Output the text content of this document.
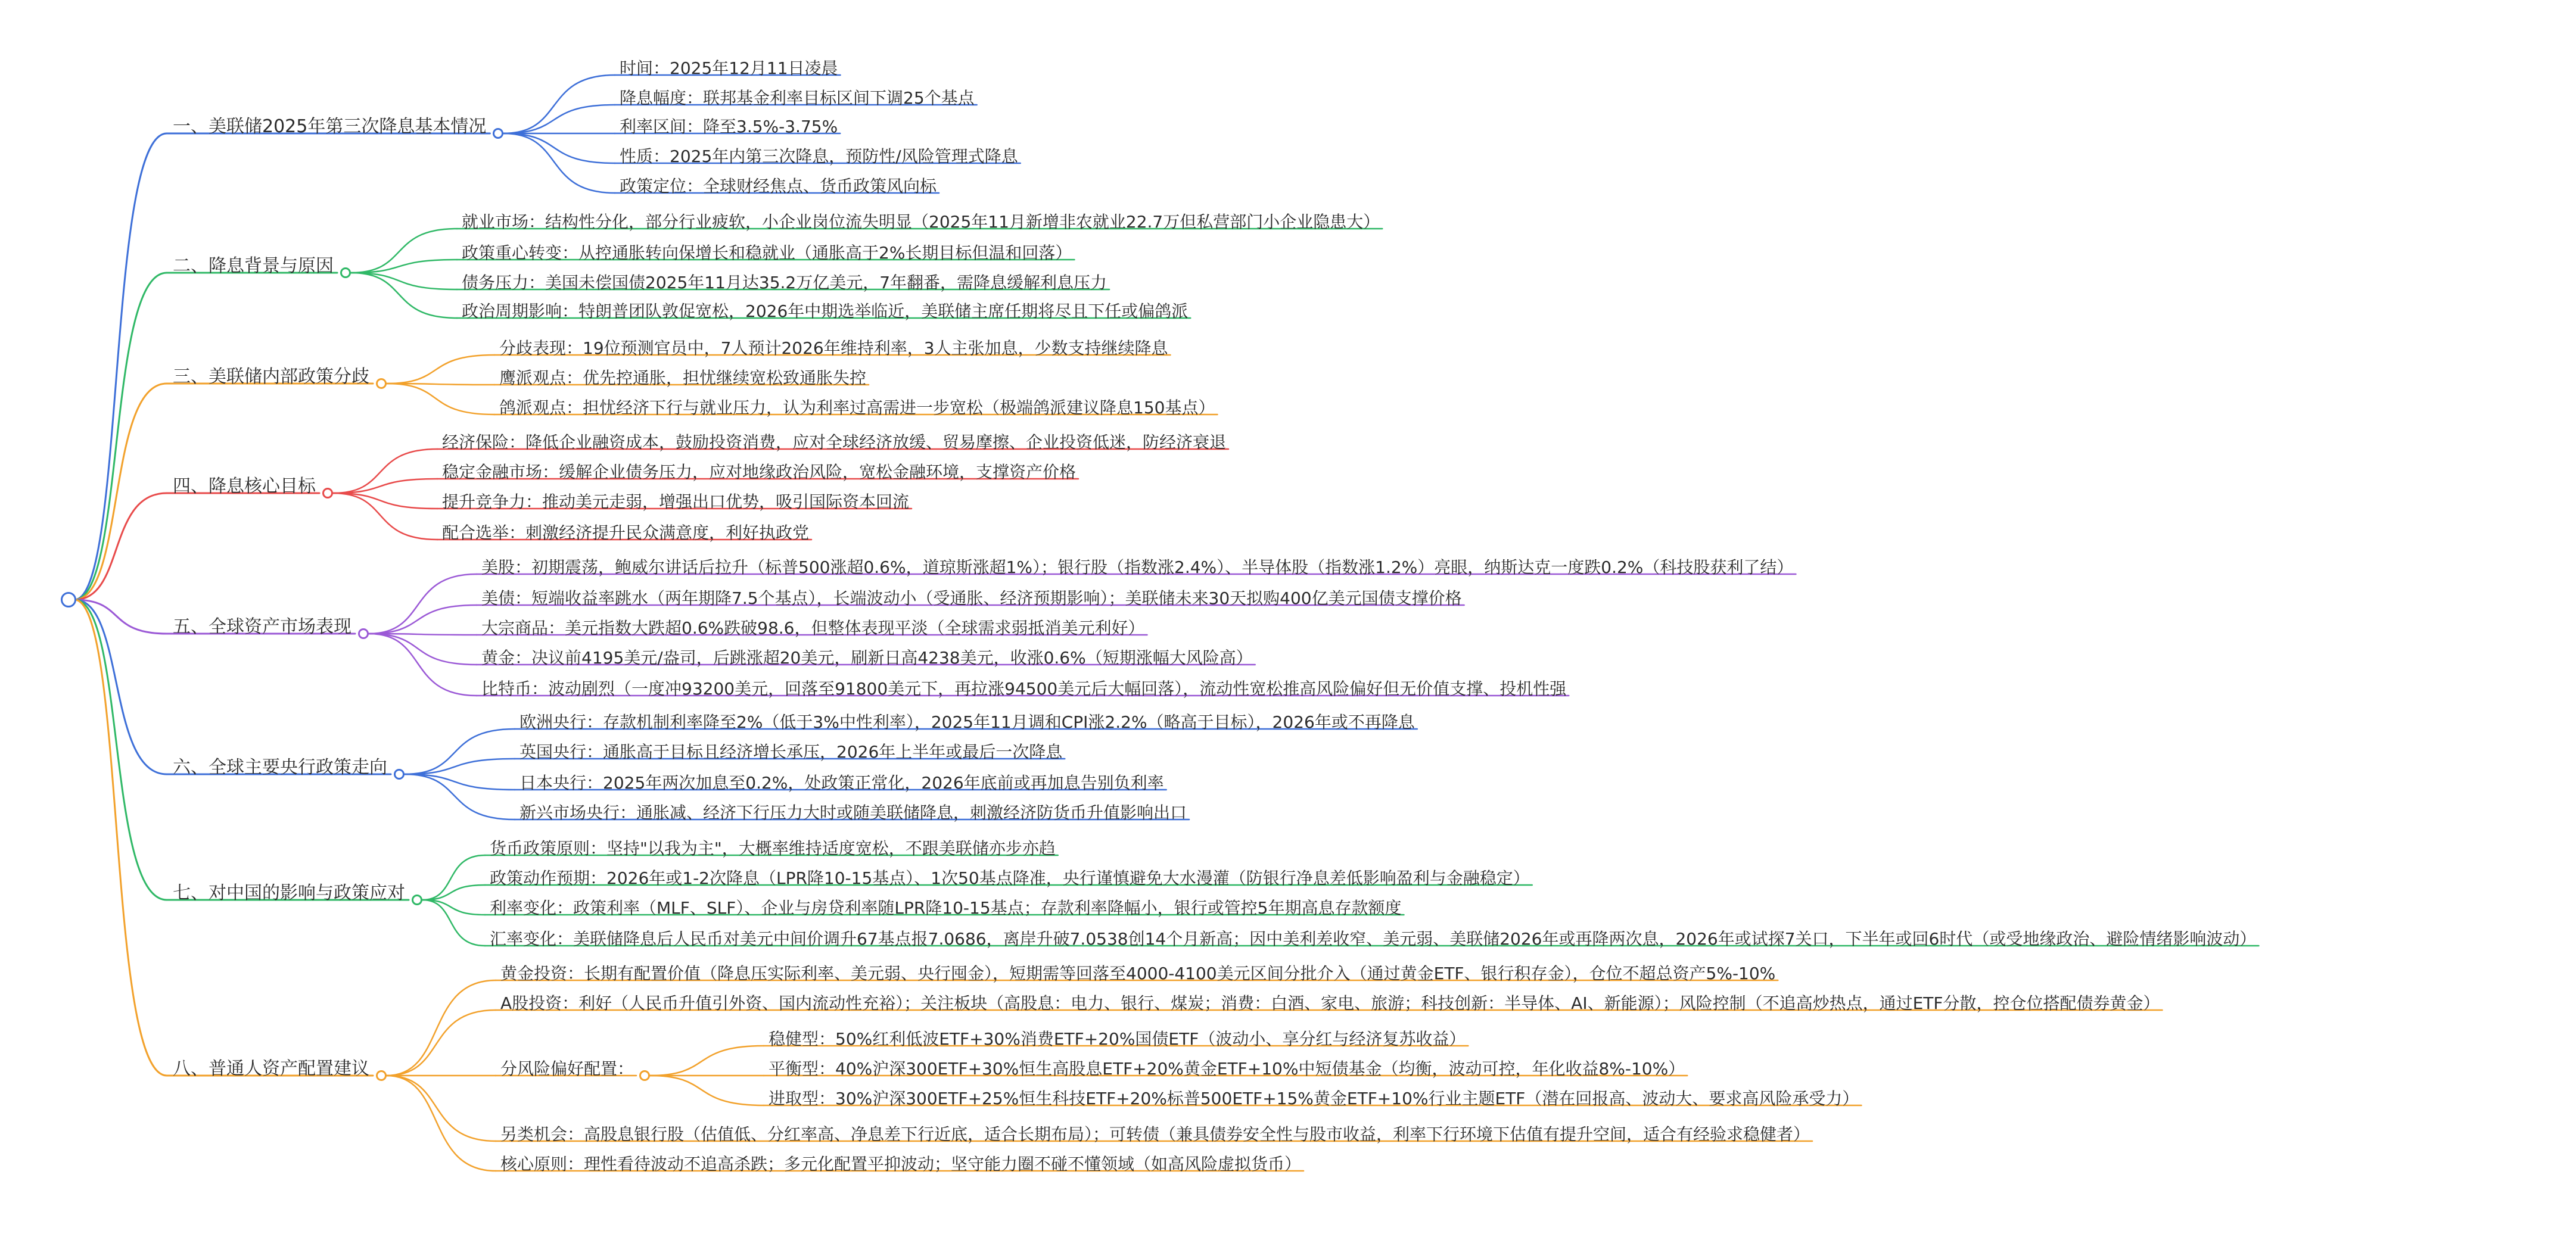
一、美联储2025年第三次降息基本情况
时间：2025年12月11日凌晨
降息幅度：联邦基金利率目标区间下调25个基点
利率区间：降至3.5%-3.75%
性质：2025年内第三次降息，预防性/风险管理式降息
政策定位：全球财经焦点、货币政策风向标
二、降息背景与原因
就业市场：结构性分化，部分行业疲软，小企业岗位流失明显（2025年11月新增非农就业22.7万但私营部门小企业隐患大）
政策重心转变：从控通胀转向保增长和稳就业（通胀高于2%长期目标但温和回落）
债务压力：美国未偿国债2025年11月达35.2万亿美元，7年翻番，需降息缓解利息压力
政治周期影响：特朗普团队敦促宽松，2026年中期选举临近，美联储主席任期将尽且下任或偏鸽派
三、美联储内部政策分歧
分歧表现：19位预测官员中，7人预计2026年维持利率，3人主张加息，少数支持继续降息
鹰派观点：优先控通胀，担忧继续宽松致通胀失控
鸽派观点：担忧经济下行与就业压力，认为利率过高需进一步宽松（极端鸽派建议降息150基点）
四、降息核心目标
经济保险：降低企业融资成本，鼓励投资消费，应对全球经济放缓、贸易摩擦、企业投资低迷，防经济衰退
稳定金融市场：缓解企业债务压力，应对地缘政治风险，宽松金融环境，支撑资产价格
提升竞争力：推动美元走弱，增强出口优势，吸引国际资本回流
配合选举：刺激经济提升民众满意度，利好执政党
五、全球资产市场表现
美股：初期震荡，鲍威尔讲话后拉升（标普500涨超0.6%，道琼斯涨超1%）；银行股（指数涨2.4%）、半导体股（指数涨1.2%）亮眼，纳斯达克一度跌0.2%（科技股获利了结）
美债：短端收益率跳水（两年期降7.5个基点），长端波动小（受通胀、经济预期影响）；美联储未来30天拟购400亿美元国债支撑价格
大宗商品：美元指数大跌超0.6%跌破98.6，但整体表现平淡（全球需求弱抵消美元利好）
黄金：决议前4195美元/盎司，后跳涨超20美元，刷新日高4238美元，收涨0.6%（短期涨幅大风险高）
比特币：波动剧烈（一度冲93200美元，回落至91800美元下，再拉涨94500美元后大幅回落），流动性宽松推高风险偏好但无价值支撑、投机性强
六、全球主要央行政策走向
欧洲央行：存款机制利率降至2%（低于3%中性利率），2025年11月调和CPI涨2.2%（略高于目标），2026年或不再降息
英国央行：通胀高于目标且经济增长承压，2026年上半年或最后一次降息
日本央行：2025年两次加息至0.2%，处政策正常化，2026年底前或再加息告别负利率
新兴市场央行：通胀减、经济下行压力大时或随美联储降息，刺激经济防货币升值影响出口
七、对中国的影响与政策应对
货币政策原则：坚持"以我为主"，大概率维持适度宽松，不跟美联储亦步亦趋
政策动作预期：2026年或1-2次降息（LPR降10-15基点）、1次50基点降准，央行谨慎避免大水漫灌（防银行净息差低影响盈利与金融稳定）
利率变化：政策利率（MLF、SLF）、企业与房贷利率随LPR降10-15基点；存款利率降幅小，银行或管控5年期高息存款额度
汇率变化：美联储降息后人民币对美元中间价调升67基点报7.0686，离岸升破7.0538创14个月新高；因中美利差收窄、美元弱、美联储2026年或再降两次息，2026年或试探7关口，下半年或回6时代（或受地缘政治、避险情绪影响波动）
八、普通人资产配置建议
黄金投资：长期有配置价值（降息压实际利率、美元弱、央行囤金），短期需等回落至4000-4100美元区间分批介入（通过黄金ETF、银行积存金），仓位不超总资产5%-10%
A股投资：利好（人民币升值引外资、国内流动性充裕）；关注板块（高股息：电力、银行、煤炭；消费：白酒、家电、旅游；科技创新：半导体、AI、新能源）；风险控制（不追高炒热点，通过ETF分散，控仓位搭配债券黄金）
分风险偏好配置：
稳健型：50%红利低波ETF+30%消费ETF+20%国债ETF（波动小、享分红与经济复苏收益）
平衡型：40%沪深300ETF+30%恒生高股息ETF+20%黄金ETF+10%中短债基金（均衡，波动可控，年化收益8%-10%）
进取型：30%沪深300ETF+25%恒生科技ETF+20%标普500ETF+15%黄金ETF+10%行业主题ETF（潜在回报高、波动大、要求高风险承受力）
另类机会：高股息银行股（估值低、分红率高、净息差下行近底，适合长期布局）；可转债（兼具债券安全性与股市收益，利率下行环境下估值有提升空间，适合有经验求稳健者）
核心原则：理性看待波动不追高杀跌；多元化配置平抑波动；坚守能力圈不碰不懂领域（如高风险虚拟货币）
